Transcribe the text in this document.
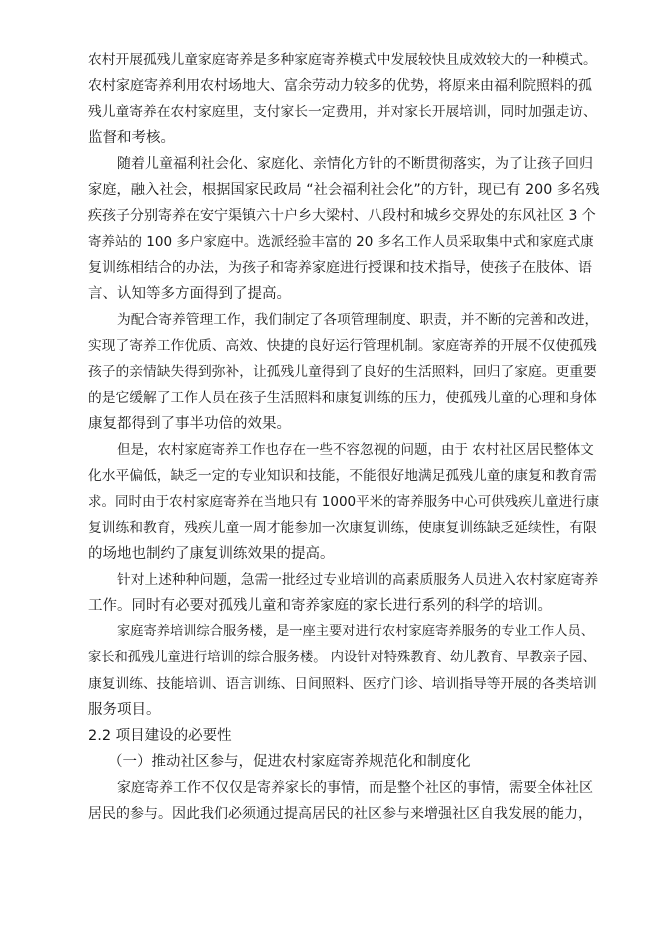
农村开展孤残儿童家庭寄养是多种家庭寄养模式中发展较快且成效较大的一种模式。
农村家庭寄养利用农村场地大、富余劳动力较多的优势，将原来由福利院照料的孤
残儿童寄养在农村家庭里，支付家长一定费用，并对家长开展培训，同时加强走访、
监督和考核。
随着儿童福利社会化、家庭化、亲情化方针的不断贯彻落实，为了让孩子回归
家庭，融入社会，根据国家民政局 “社会福利社会化”的方针，现已有 200 多名残
疾孩子分别寄养在安宁渠镇六十户乡大梁村、八段村和城乡交界处的东风社区 3 个
寄养站的 100 多户家庭中。选派经验丰富的 20 多名工作人员采取集中式和家庭式康
复训练相结合的办法，为孩子和寄养家庭进行授课和技术指导，使孩子在肢体、语
言、认知等多方面得到了提高。
为配合寄养管理工作，我们制定了各项管理制度、职责，并不断的完善和改进，
实现了寄养工作优质、高效、快捷的良好运行管理机制。家庭寄养的开展不仅使孤残
孩子的亲情缺失得到弥补，让孤残儿童得到了良好的生活照料，回归了家庭。更重要
的是它缓解了工作人员在孩子生活照料和康复训练的压力，使孤残儿童的心理和身体
康复都得到了事半功倍的效果。
但是，农村家庭寄养工作也存在一些不容忽视的问题，由于 农村社区居民整体文
化水平偏低，缺乏一定的专业知识和技能，不能很好地满足孤残儿童的康复和教育需
求。同时由于农村家庭寄养在当地只有 1000平米的寄养服务中心可供残疾儿童进行康
复训练和教育，残疾儿童一周才能参加一次康复训练，使康复训练缺乏延续性，有限
的场地也制约了康复训练效果的提高。
针对上述种种问题，急需一批经过专业培训的高素质服务人员进入农村家庭寄养
工作。同时有必要对孤残儿童和寄养家庭的家长进行系列的科学的培训。
家庭寄养培训综合服务楼，是一座主要对进行农村家庭寄养服务的专业工作人员、
家长和孤残儿童进行培训的综合服务楼。 内设针对特殊教育、幼儿教育、早教亲子园、
康复训练、技能培训、语言训练、日间照料、医疗门诊、培训指导等开展的各类培训
服务项目。
2.2 项目建设的必要性
（一）推动社区参与，促进农村家庭寄养规范化和制度化
家庭寄养工作不仅仅是寄养家长的事情，而是整个社区的事情，需要全体社区
居民的参与。因此我们必须通过提高居民的社区参与来增强社区自我发展的能力，
